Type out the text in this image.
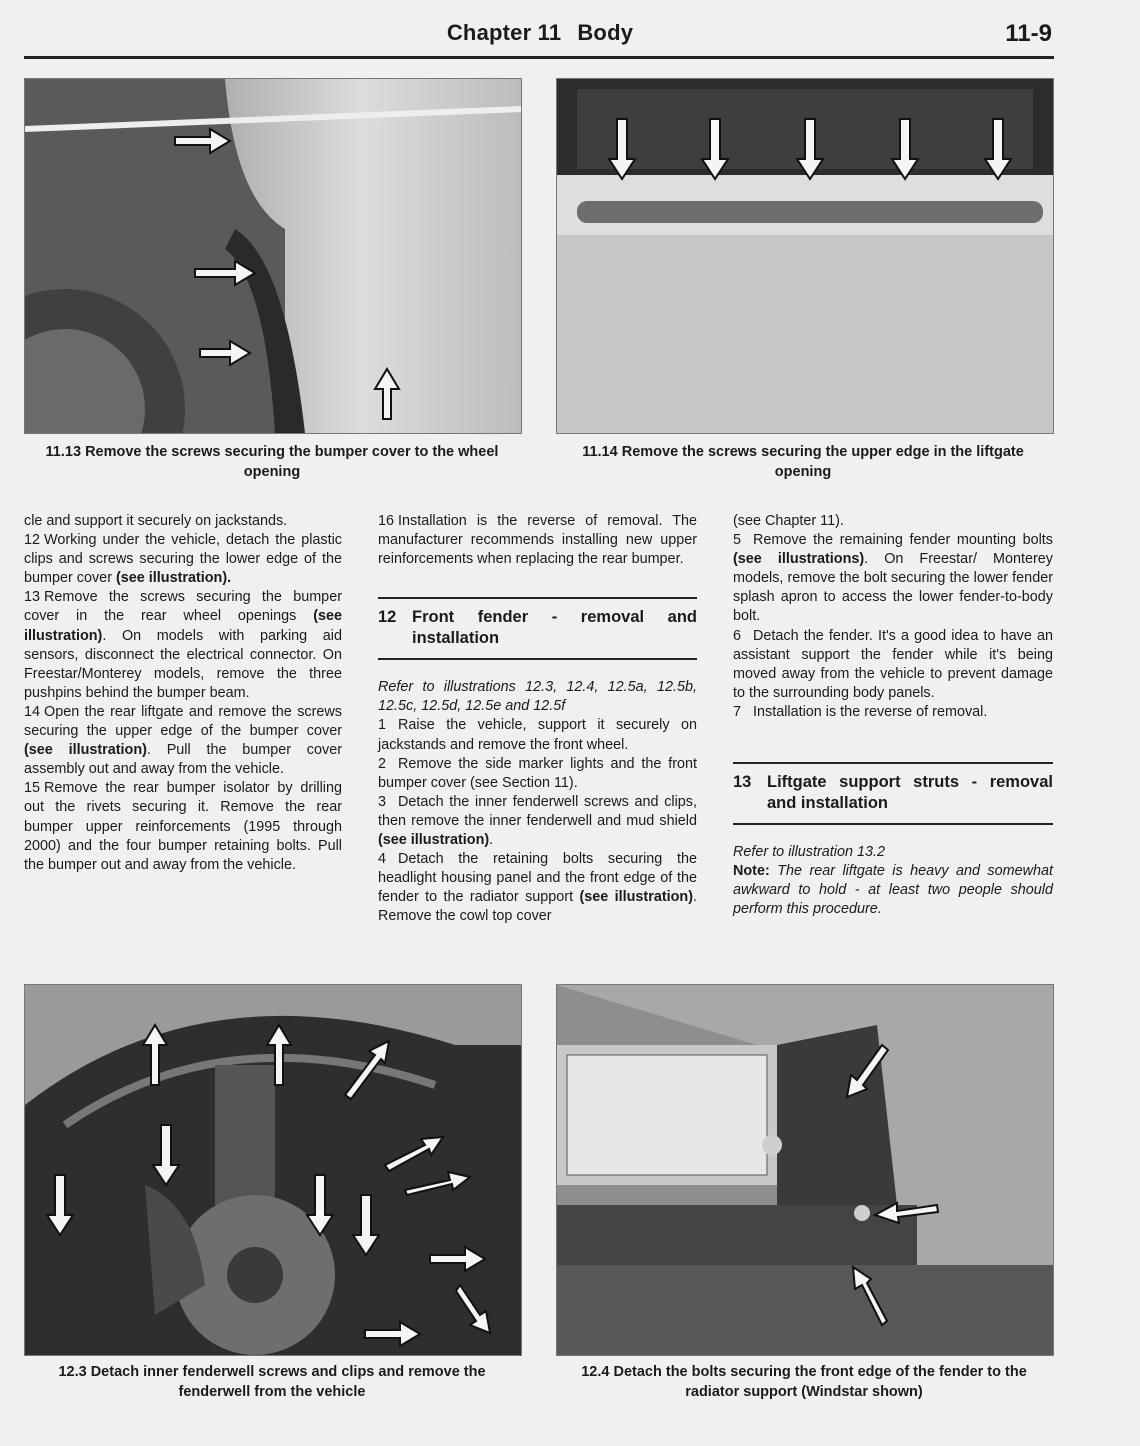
Chapter 11 Body	11-9
11.13 Remove the screws securing the bumper cover to the wheel opening
11.14 Remove the screws securing the upper edge in the liftgate opening

cle and support it securely on jackstands.

12 Working under the vehicle, detach the plastic clips and screws securing the lower edge of the bumper cover (see illustration).

13 Remove the screws securing the bumper cover in the rear wheel openings (see illustration). On models with parking aid sensors, disconnect the electrical connector. On Freestar/Monterey models, remove the three pushpins behind the bumper beam.

14 Open the rear liftgate and remove the screws securing the upper edge of the bumper cover (see illustration). Pull the bumper cover assembly out and away from the vehicle.

15 Remove the rear bumper isolator by drilling out the rivets securing it. Remove the rear bumper upper reinforcements (1995 through 2000) and the four bumper retaining bolts. Pull the bumper out and away from the vehicle.

16 Installation is the reverse of removal. The manufacturer recommends installing new upper reinforcements when replacing the rear bumper.

12 Front fender - removal and installation

Refer to illustrations 12.3, 12.4, 12.5a, 12.5b, 12.5c, 12.5d, 12.5e and 12.5f

1 Raise the vehicle, support it securely on jackstands and remove the front wheel.

2 Remove the side marker lights and the front bumper cover (see Section 11).

3 Detach the inner fenderwell screws and clips, then remove the inner fenderwell and mud shield (see illustration).

4 Detach the retaining bolts securing the headlight housing panel and the front edge of the fender to the radiator support (see illustration). Remove the cowl top cover

(see Chapter 11).

5 Remove the remaining fender mounting bolts (see illustrations). On Freestar/ Monterey models, remove the bolt securing the lower fender splash apron to access the lower fender-to-body bolt.

6 Detach the fender. It's a good idea to have an assistant support the fender while it's being moved away from the vehicle to prevent damage to the surrounding body panels.

7 Installation is the reverse of removal.

13 Liftgate support struts - removal and installation

Refer to illustration 13.2

Note: The rear liftgate is heavy and somewhat awkward to hold - at least two people should perform this procedure.

12.3 Detach inner fenderwell screws and clips and remove the fenderwell from the vehicle
12.4 Detach the bolts securing the front edge of the fender to the radiator support (Windstar shown)
